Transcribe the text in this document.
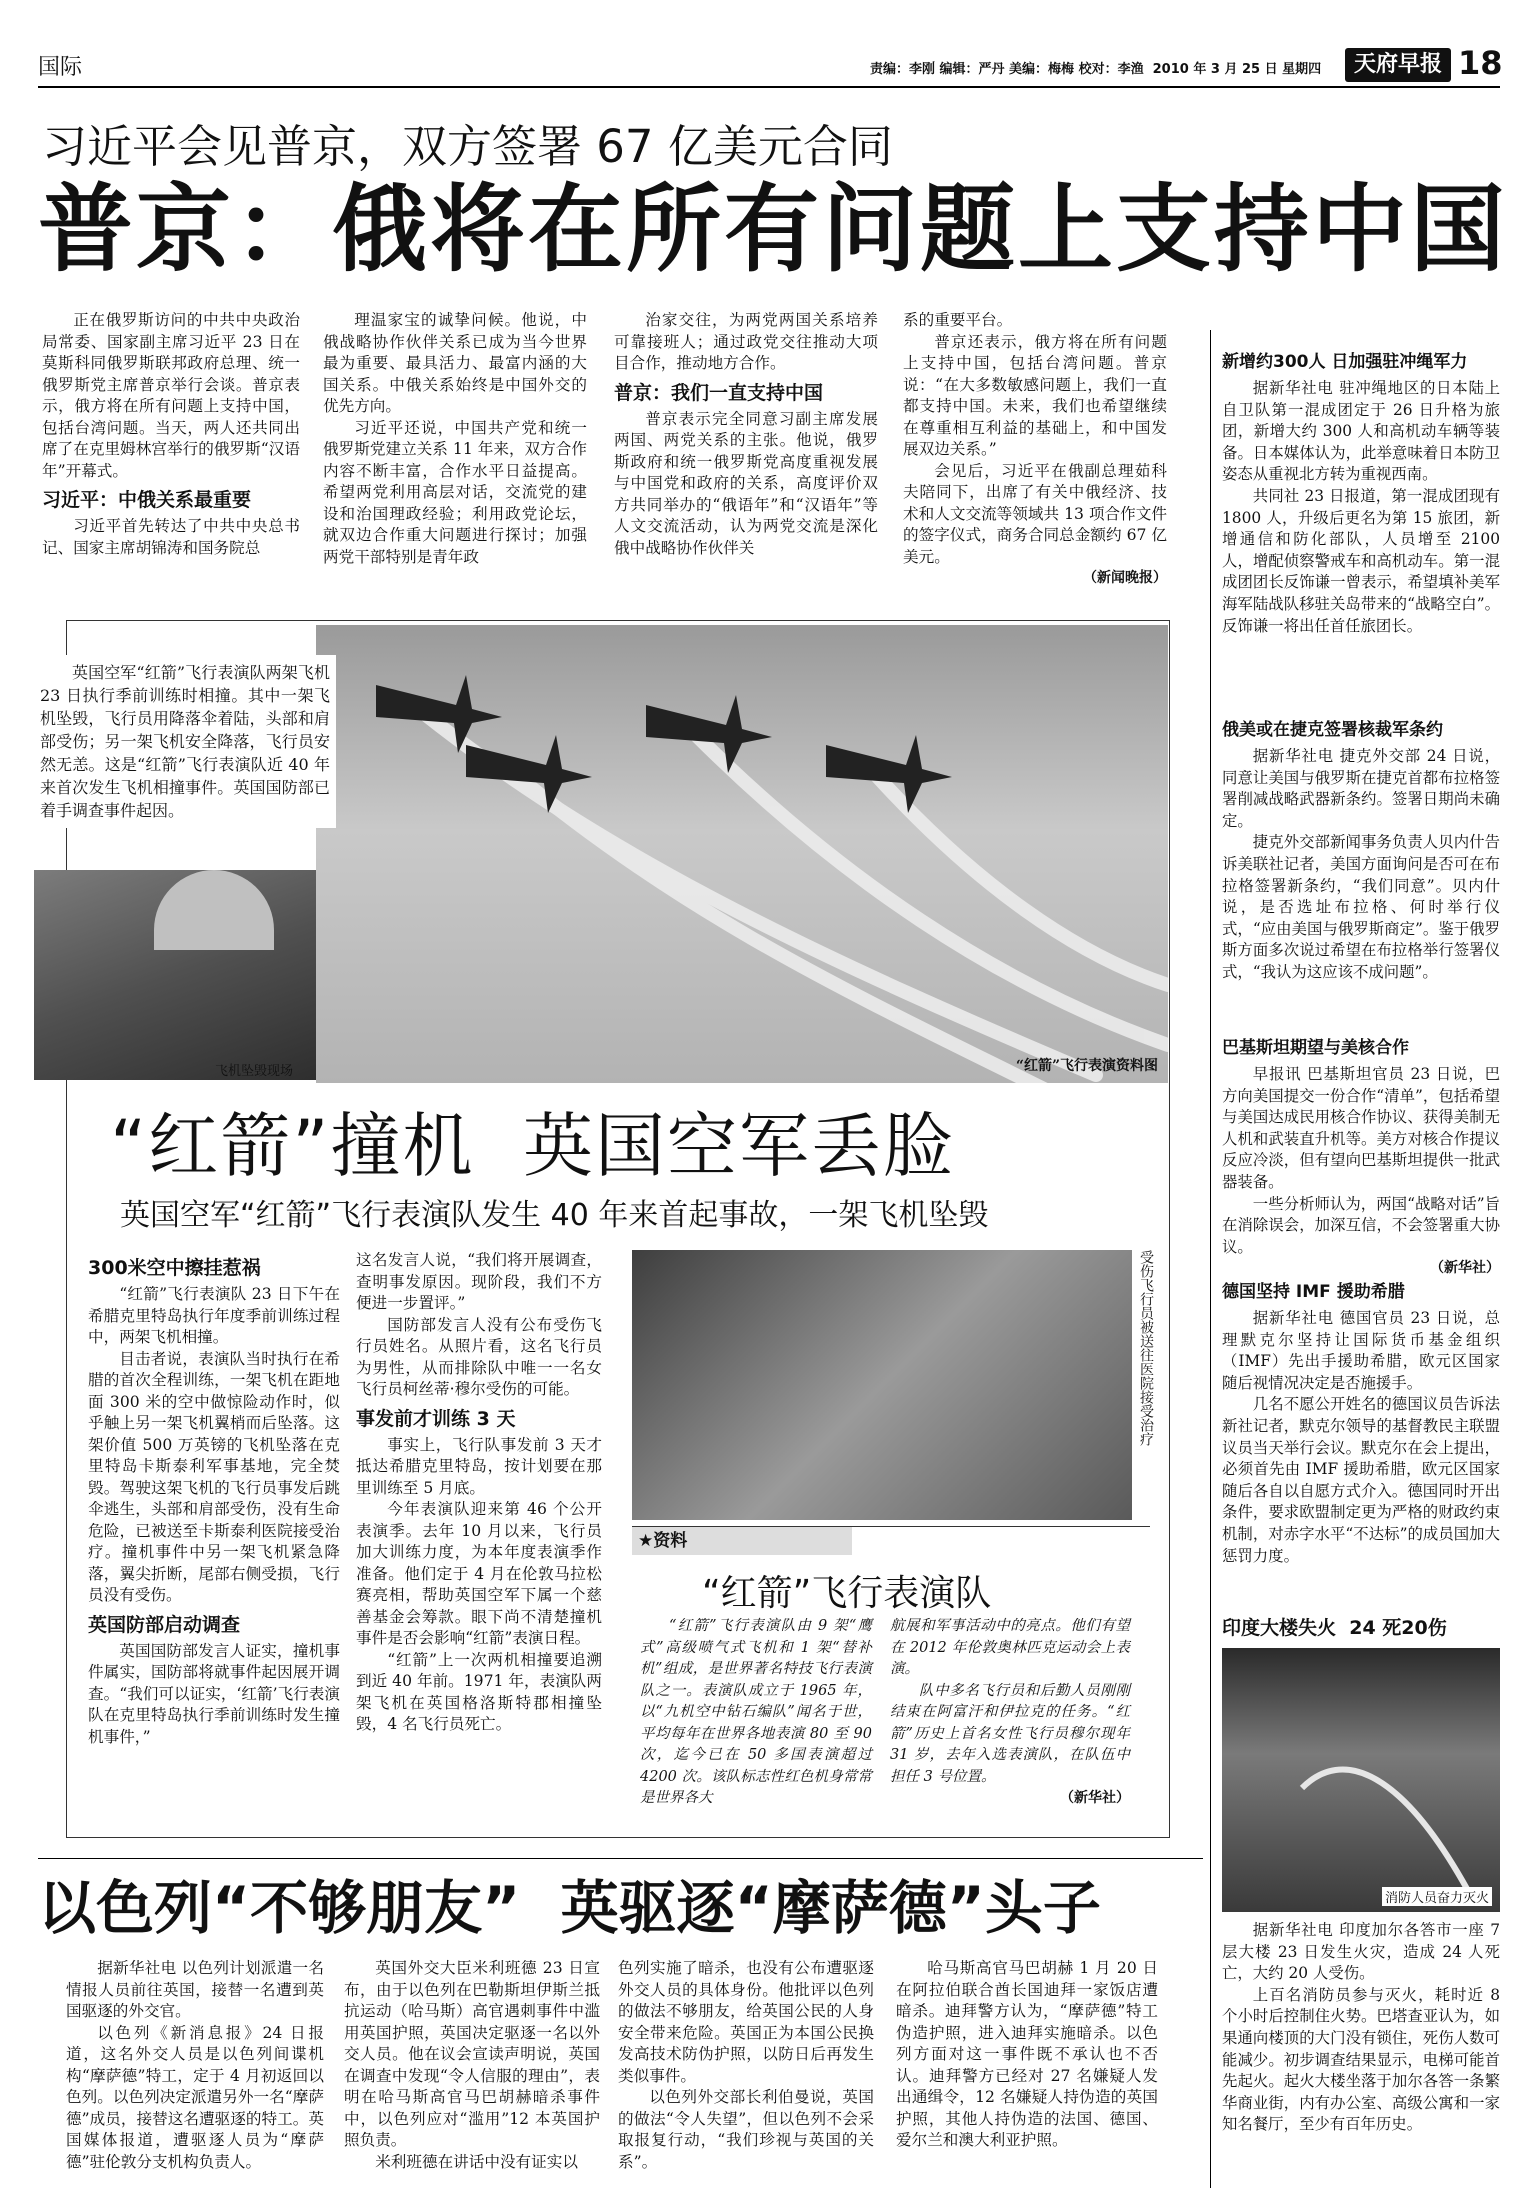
国际	责编：李刚 编辑：严丹 美编：梅梅 校对：李渔 2010 年 3 月 25 日 星期四	天府早报 18
习近平会见普京，双方签署 67 亿美元合同
普京：俄将在所有问题上支持中国

正在俄罗斯访问的中共中央政治局常委、国家副主席习近平 23 日在莫斯科同俄罗斯联邦政府总理、统一俄罗斯党主席普京举行会谈。普京表示，俄方将在所有问题上支持中国，包括台湾问题。当天，两人还共同出席了在克里姆林宫举行的俄罗斯“汉语年”开幕式。

习近平：中俄关系最重要

习近平首先转达了中共中央总书记、国家主席胡锦涛和国务院总

理温家宝的诚挚问候。他说，中俄战略协作伙伴关系已成为当今世界最为重要、最具活力、最富内涵的大国关系。中俄关系始终是中国外交的优先方向。

习近平还说，中国共产党和统一俄罗斯党建立关系 11 年来，双方合作内容不断丰富，合作水平日益提高。希望两党利用高层对话，交流党的建设和治国理政经验；利用政党论坛，就双边合作重大问题进行探讨；加强两党干部特别是青年政

治家交往，为两党两国关系培养可靠接班人；通过政党交往推动大项目合作，推动地方合作。

普京：我们一直支持中国

普京表示完全同意习副主席发展两国、两党关系的主张。他说，俄罗斯政府和统一俄罗斯党高度重视发展与中国党和政府的关系，高度评价双方共同举办的“俄语年”和“汉语年”等人文交流活动，认为两党交流是深化俄中战略协作伙伴关

系的重要平台。

普京还表示，俄方将在所有问题上支持中国，包括台湾问题。普京说：“在大多数敏感问题上，我们一直都支持中国。未来，我们也希望继续在尊重相互利益的基础上，和中国发展双边关系。”

会见后，习近平在俄副总理茹科夫陪同下，出席了有关中俄经济、技术和人文交流等领域共 13 项合作文件的签字仪式，商务合同总金额约 67 亿美元。

（新闻晚报）
“红箭”飞行表演资料图

英国空军“红箭”飞行表演队两架飞机 23 日执行季前训练时相撞。其中一架飞机坠毁，飞行员用降落伞着陆，头部和肩部受伤；另一架飞机安全降落，飞行员安然无恙。这是“红箭”飞行表演队近 40 年来首次发生飞机相撞事件。英国国防部已着手调查事件起因。

飞机坠毁现场
“红箭”撞机  英国空军丢脸
英国空军“红箭”飞行表演队发生 40 年来首起事故，一架飞机坠毁
300米空中擦挂惹祸

“红箭”飞行表演队 23 日下午在希腊克里特岛执行年度季前训练过程中，两架飞机相撞。

目击者说，表演队当时执行在希腊的首次全程训练，一架飞机在距地面 300 米的空中做惊险动作时，似乎触上另一架飞机翼梢而后坠落。这架价值 500 万英镑的飞机坠落在克里特岛卡斯泰利军事基地，完全焚毁。驾驶这架飞机的飞行员事发后跳伞逃生，头部和肩部受伤，没有生命危险，已被送至卡斯泰利医院接受治疗。撞机事件中另一架飞机紧急降落，翼尖折断，尾部右侧受损，飞行员没有受伤。

英国防部启动调查

英国国防部发言人证实，撞机事件属实，国防部将就事件起因展开调查。“我们可以证实，‘红箭’飞行表演队在克里特岛执行季前训练时发生撞机事件，”

这名发言人说，“我们将开展调查，查明事发原因。现阶段，我们不方便进一步置评。”

国防部发言人没有公布受伤飞行员姓名。从照片看，这名飞行员为男性，从而排除队中唯一一名女飞行员柯丝蒂·穆尔受伤的可能。

事发前才训练 3 天

事实上，飞行队事发前 3 天才抵达希腊克里特岛，按计划要在那里训练至 5 月底。

今年表演队迎来第 46 个公开表演季。去年 10 月以来，飞行员加大训练力度，为本年度表演季作准备。他们定于 4 月在伦敦马拉松赛亮相，帮助英国空军下属一个慈善基金会筹款。眼下尚不清楚撞机事件是否会影响“红箭”表演日程。

“红箭”上一次两机相撞要追溯到近 40 年前。1971 年，表演队两架飞机在英国格洛斯特郡相撞坠毁，4 名飞行员死亡。

受伤飞行员被送往医院接受治疗
★资料
“红箭”飞行表演队

“红箭”飞行表演队由 9 架“鹰式”高级喷气式飞机和 1 架“替补机”组成，是世界著名特技飞行表演队之一。表演队成立于 1965 年，以“九机空中钻石编队”闻名于世，平均每年在世界各地表演 80 至 90 次，迄今已在 50 多国表演超过 4200 次。该队标志性红色机身常常是世界各大

航展和军事活动中的亮点。他们有望在 2012 年伦敦奥林匹克运动会上表演。

队中多名飞行员和后勤人员刚刚结束在阿富汗和伊拉克的任务。“红箭”历史上首名女性飞行员穆尔现年 31 岁，去年入选表演队，在队伍中担任 3 号位置。

（新华社）
以色列“不够朋友”  英驱逐“摩萨德”头子

据新华社电 以色列计划派遣一名情报人员前往英国，接替一名遭到英国驱逐的外交官。

以色列《新消息报》24 日报道，这名外交人员是以色列间谍机构“摩萨德”特工，定于 4 月初返回以色列。以色列决定派遣另外一名“摩萨德”成员，接替这名遭驱逐的特工。英国媒体报道，遭驱逐人员为“摩萨德”驻伦敦分支机构负责人。

英国外交大臣米利班德 23 日宣布，由于以色列在巴勒斯坦伊斯兰抵抗运动（哈马斯）高官遇刺事件中滥用英国护照，英国决定驱逐一名以外交人员。他在议会宣读声明说，英国在调查中发现“令人信服的理由”，表明在哈马斯高官马巴胡赫暗杀事件中，以色列应对“滥用”12 本英国护照负责。

米利班德在讲话中没有证实以

色列实施了暗杀，也没有公布遭驱逐外交人员的具体身份。他批评以色列的做法不够朋友，给英国公民的人身安全带来危险。英国正为本国公民换发高技术防伪护照，以防日后再发生类似事件。

以色列外交部长利伯曼说，英国的做法“令人失望”，但以色列不会采取报复行动，“我们珍视与英国的关系”。

哈马斯高官马巴胡赫 1 月 20 日在阿拉伯联合酋长国迪拜一家饭店遭暗杀。迪拜警方认为，“摩萨德”特工伪造护照，进入迪拜实施暗杀。以色列方面对这一事件既不承认也不否认。迪拜警方已经对 27 名嫌疑人发出通缉令，12 名嫌疑人持伪造的英国护照，其他人持伪造的法国、德国、爱尔兰和澳大利亚护照。

新增约300人 日加强驻冲绳军力

据新华社电 驻冲绳地区的日本陆上自卫队第一混成团定于 26 日升格为旅团，新增大约 300 人和高机动车辆等装备。日本媒体认为，此举意味着日本防卫姿态从重视北方转为重视西南。

共同社 23 日报道，第一混成团现有 1800 人，升级后更名为第 15 旅团，新增通信和防化部队，人员增至 2100 人，增配侦察警戒车和高机动车。第一混成团团长反饰谦一曾表示，希望填补美军海军陆战队移驻关岛带来的“战略空白”。反饰谦一将出任首任旅团长。

俄美或在捷克签署核裁军条约

据新华社电 捷克外交部 24 日说，同意让美国与俄罗斯在捷克首都布拉格签署削减战略武器新条约。签署日期尚未确定。

捷克外交部新闻事务负责人贝内什告诉美联社记者，美国方面询问是否可在布拉格签署新条约，“我们同意”。贝内什说，是否选址布拉格、何时举行仪式，“应由美国与俄罗斯商定”。鉴于俄罗斯方面多次说过希望在布拉格举行签署仪式，“我认为这应该不成问题”。

巴基斯坦期望与美核合作

早报讯 巴基斯坦官员 23 日说，巴方向美国提交一份合作“清单”，包括希望与美国达成民用核合作协议、获得美制无人机和武装直升机等。美方对核合作提议反应冷淡，但有望向巴基斯坦提供一批武器装备。

一些分析师认为，两国“战略对话”旨在消除误会，加深互信，不会签署重大协议。

（新华社）
德国坚持 IMF 援助希腊

据新华社电 德国官员 23 日说，总理默克尔坚持让国际货币基金组织（IMF）先出手援助希腊，欧元区国家随后视情况决定是否施援手。

几名不愿公开姓名的德国议员告诉法新社记者，默克尔领导的基督教民主联盟议员当天举行会议。默克尔在会上提出，必须首先由 IMF 援助希腊，欧元区国家随后各自以自愿方式介入。德国同时开出条件，要求欧盟制定更为严格的财政约束机制，对赤字水平“不达标”的成员国加大惩罚力度。

印度大楼失火  24 死20伤
消防人员奋力灭火

据新华社电 印度加尔各答市一座 7 层大楼 23 日发生火灾，造成 24 人死亡，大约 20 人受伤。

上百名消防员参与灭火，耗时近 8 个小时后控制住火势。巴塔查亚认为，如果通向楼顶的大门没有锁住，死伤人数可能减少。初步调查结果显示，电梯可能首先起火。起火大楼坐落于加尔各答一条繁华商业街，内有办公室、高级公寓和一家知名餐厅，至少有百年历史。
